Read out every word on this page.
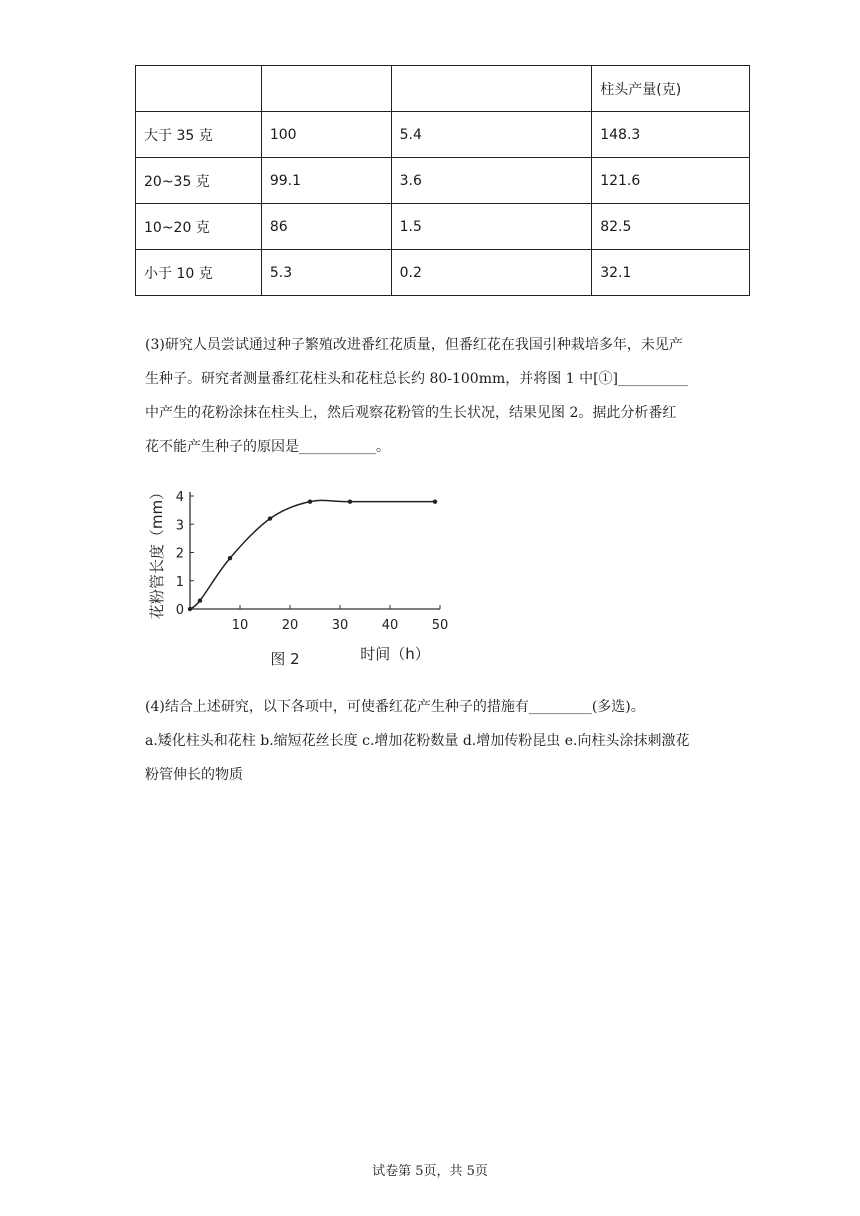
			柱头产量(克)
大于 35 克	100	5.4	148.3
20~35 克	99.1	3.6	121.6
10~20 克	86	1.5	82.5
小于 10 克	5.3	0.2	32.1

(3)研究人员尝试通过种子繁殖改进番红花质量，但番红花在我国引种栽培多年，未见产

生种子。研究者测量番红花柱头和花柱总长约 80-100mm，并将图 1 中[①]__________

中产生的花粉涂抹在柱头上，然后观察花粉管的生长状况，结果见图 2。据此分析番红

花不能产生种子的原因是___________。

0
1
2
3
4
10	20	30	40	50
花粉管长度（mm）
时间（h）
图 2

(4)结合上述研究，以下各项中，可使番红花产生种子的措施有_________(多选)。

a.矮化柱头和花柱 b.缩短花丝长度 c.增加花粉数量 d.增加传粉昆虫 e.向柱头涂抹刺激花

粉管伸长的物质

试卷第 5页，共 5页
